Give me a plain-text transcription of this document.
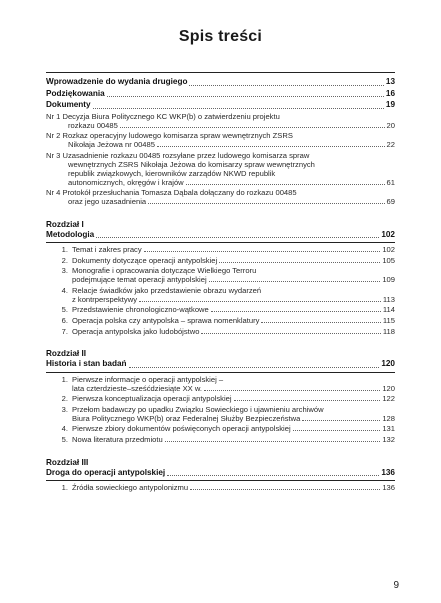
Spis treści
Wprowadzenie do wydania drugiego	13
Podziękowania	16
Dokumenty	19
Nr 1 Decyzja Biura Politycznego KC WKP(b) o zatwierdzeniu projektu
rozkazu 00485	20
Nr 2 Rozkaz operacyjny ludowego komisarza spraw wewnętrznych ZSRS
Nikołaja Jeżowa nr 00485	22
Nr 3 Uzasadnienie rozkazu 00485 rozsyłane przez ludowego komisarza spraw
wewnętrznych ZSRS Nikołaja Jeżowa do komisarzy spraw wewnętrznych
republik związkowych, kierowników zarządów NKWD republik
autonomicznych, okręgów i krajów	61
Nr 4 Protokół przesłuchania Tomasza Dąbala dołączany do rozkazu 00485
oraz jego uzasadnienia	69
Rozdział I
Metodologia	102
1. Temat i zakres pracy	102
2. Dokumenty dotyczące operacji antypolskiej	105
3. Monografie i opracowania dotyczące Wielkiego Terroru
podejmujące temat operacji antypolskiej	109
4. Relacje świadków jako przedstawienie obrazu wydarzeń
z kontrperspektywy	113
5. Przedstawienie chronologiczno-wątkowe	114
6. Operacja polska czy antypolska – sprawa nomenklatury	115
7. Operacja antypolska jako ludobójstwo	118
Rozdział II
Historia i stan badań	120
1. Pierwsze informacje o operacji antypolskiej –
lata czterdzieste–sześćdziesiąte XX w.	120
2. Pierwsza konceptualizacja operacji antypolskiej	122
3. Przełom badawczy po upadku Związku Sowieckiego i ujawnieniu archiwów
Biura Politycznego WKP(b) oraz Federalnej Służby Bezpieczeństwa	128
4. Pierwsze zbiory dokumentów poświęconych operacji antypolskiej	131
5. Nowa literatura przedmiotu	132
Rozdział III
Droga do operacji antypolskiej	136
1. Źródła sowieckiego antypolonizmu	136
9
